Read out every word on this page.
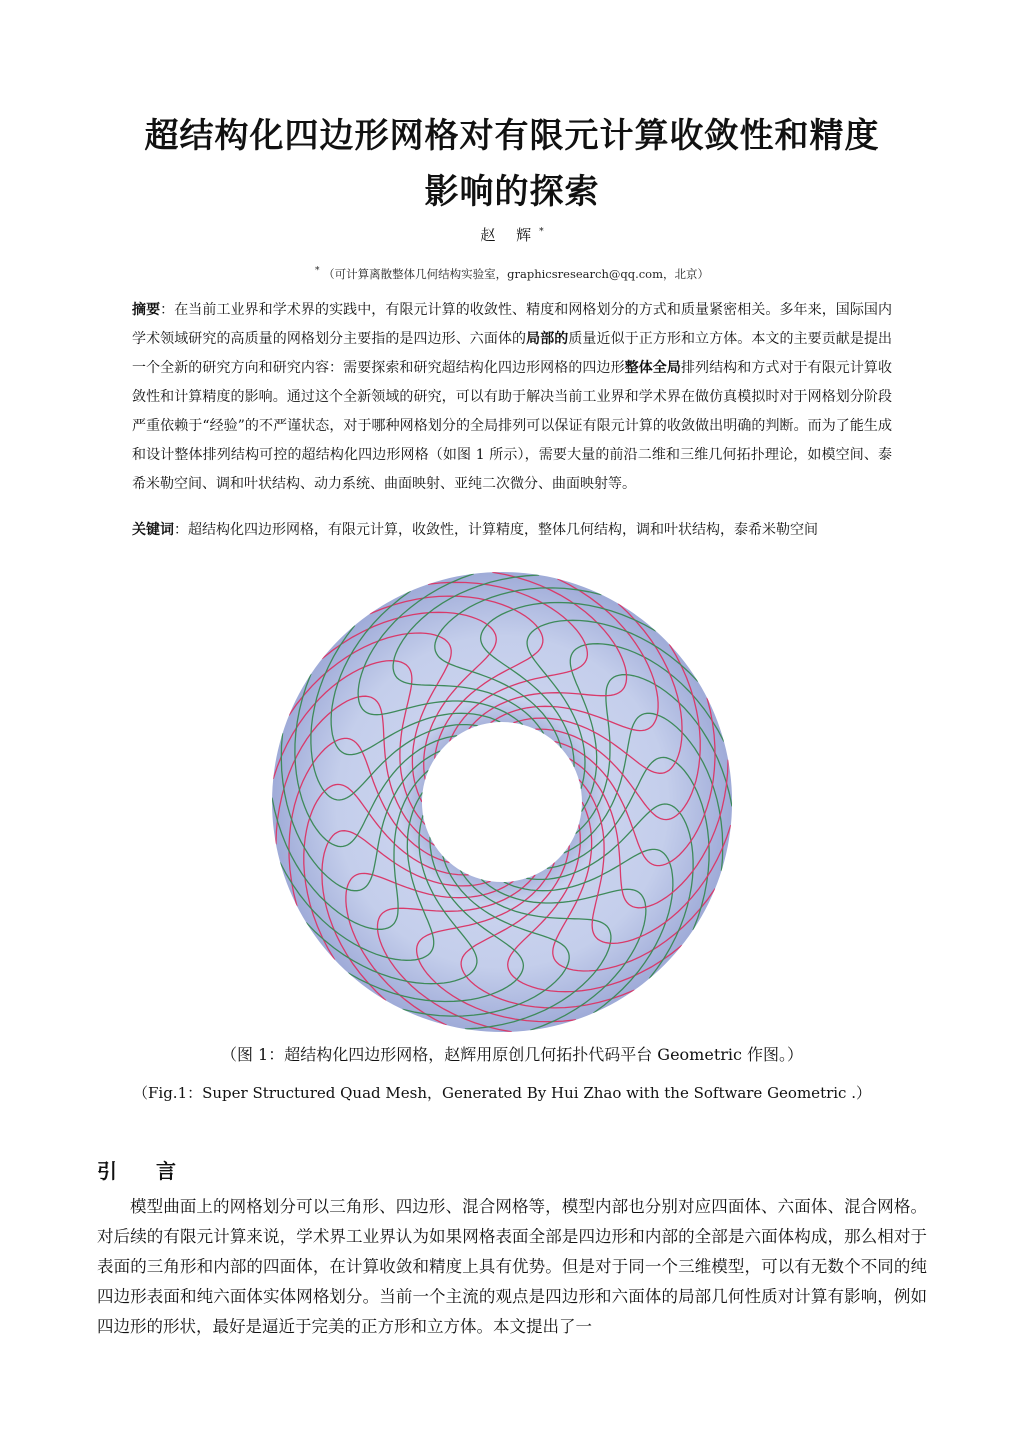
超结构化四边形网格对有限元计算收敛性和精度
影响的探索
赵 辉*
* （可计算离散整体几何结构实验室，graphicsresearch@qq.com，北京）
摘要：在当前工业界和学术界的实践中，有限元计算的收敛性、精度和网格划分的方式和质量紧密相关。多年来，国际国内学术领域研究的高质量的网格划分主要指的是四边形、六面体的局部的质量近似于正方形和立方体。本文的主要贡献是提出一个全新的研究方向和研究内容：需要探索和研究超结构化四边形网格的四边形整体全局排列结构和方式对于有限元计算收敛性和计算精度的影响。通过这个全新领域的研究，可以有助于解决当前工业界和学术界在做仿真模拟时对于网格划分阶段严重依赖于“经验”的不严谨状态，对于哪种网格划分的全局排列可以保证有限元计算的收敛做出明确的判断。而为了能生成和设计整体排列结构可控的超结构化四边形网格（如图 1 所示），需要大量的前沿二维和三维几何拓扑理论，如模空间、泰希米勒空间、调和叶状结构、动力系统、曲面映射、亚纯二次微分、曲面映射等。
关键词：超结构化四边形网格，有限元计算，收敛性，计算精度，整体几何结构，调和叶状结构，泰希米勒空间
（图 1：超结构化四边形网格，赵辉用原创几何拓扑代码平台 Geometric 作图。）
（Fig.1：Super Structured Quad Mesh，Generated By Hui Zhao with the Software Geometric .）
引 言

模型曲面上的网格划分可以三角形、四边形、混合网格等，模型内部也分别对应四面体、六面体、混合网格。对后续的有限元计算来说，学术界工业界认为如果网格表面全部是四边形和内部的全部是六面体构成，那么相对于表面的三角形和内部的四面体，在计算收敛和精度上具有优势。但是对于同一个三维模型，可以有无数个不同的纯四边形表面和纯六面体实体网格划分。当前一个主流的观点是四边形和六面体的局部几何性质对计算有影响，例如四边形的形状，最好是逼近于完美的正方形和立方体。本文提出了一
